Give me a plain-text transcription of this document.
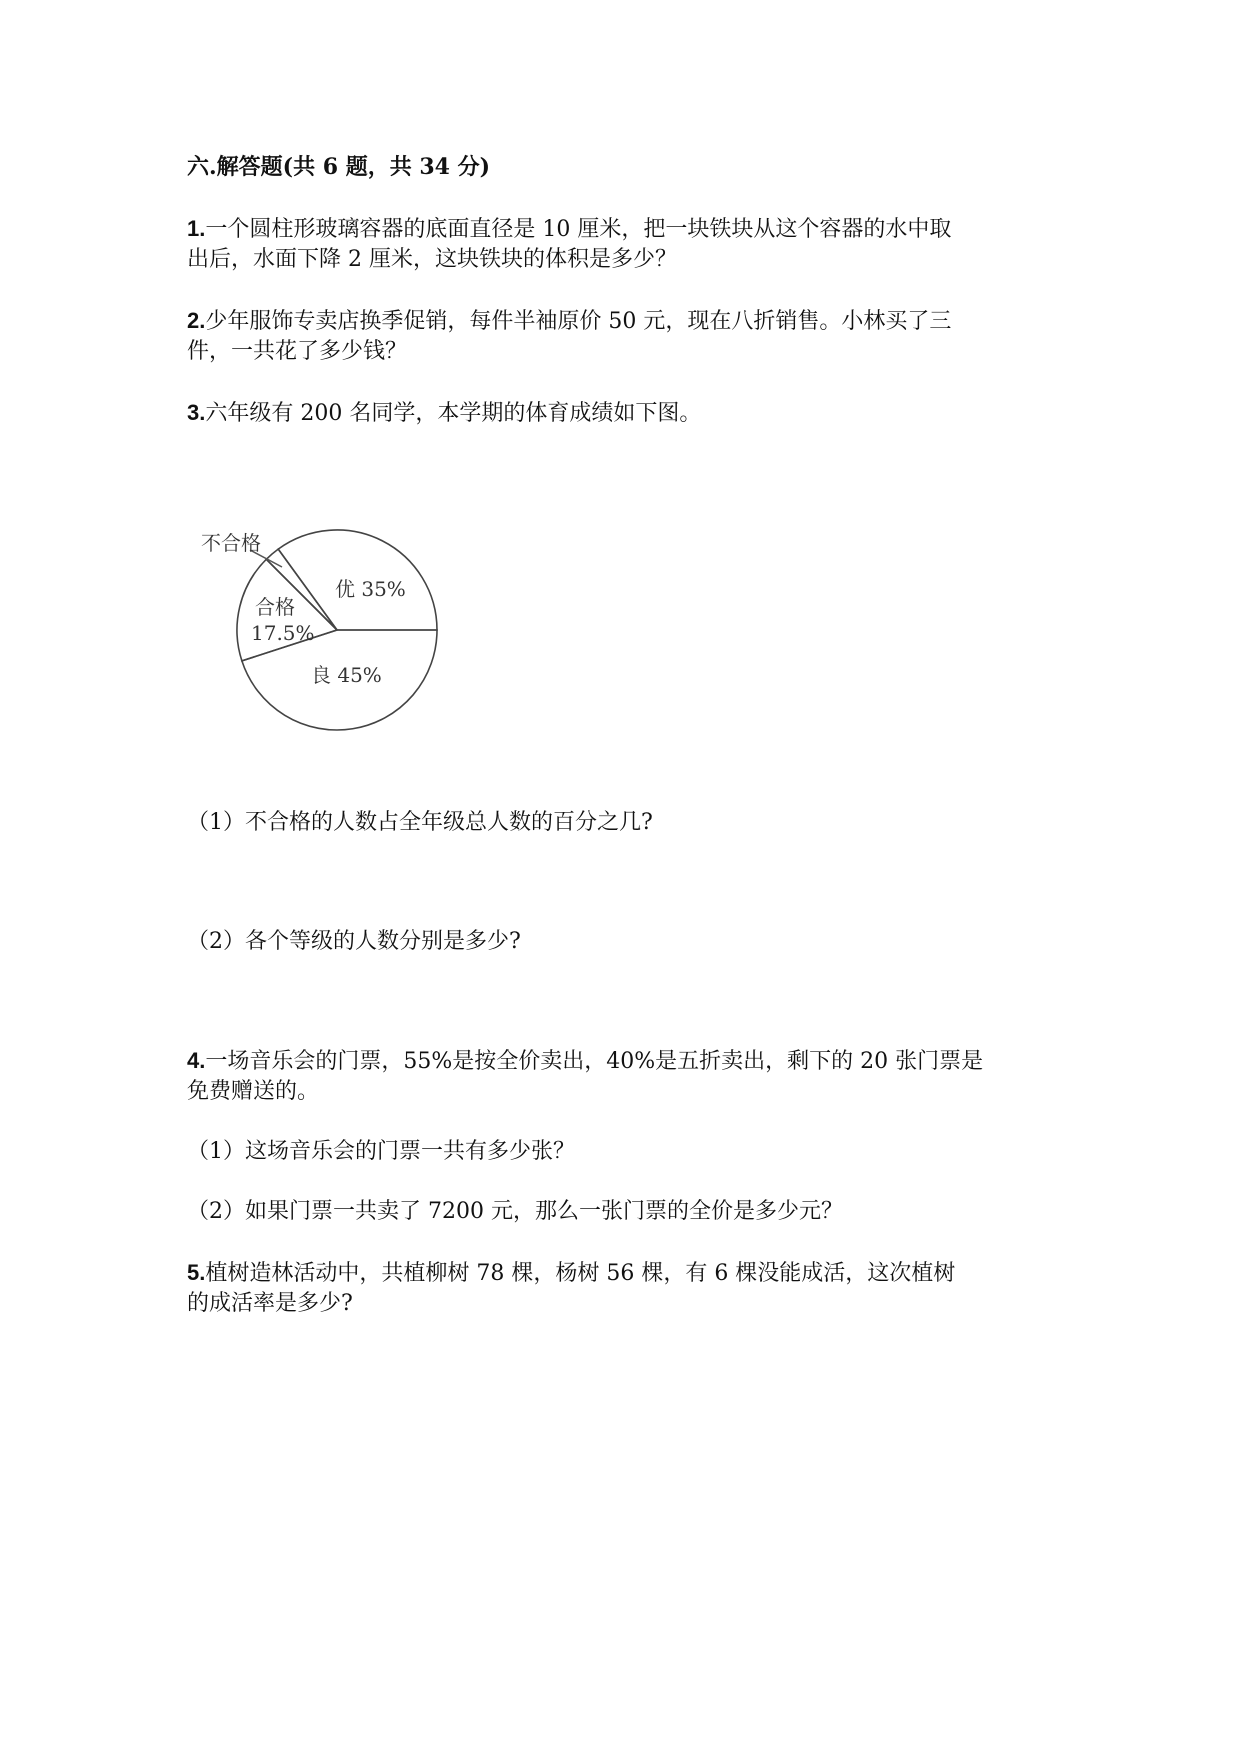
六.解答题(共 6 题，共 34 分)
1.一个圆柱形玻璃容器的底面直径是 10 厘米，把一块铁块从这个容器的水中取
出后，水面下降 2 厘米，这块铁块的体积是多少？
2.少年服饰专卖店换季促销，每件半袖原价 50 元，现在八折销售。小林买了三
件，一共花了多少钱？
3.六年级有 200 名同学，本学期的体育成绩如下图。
不合格
优 35%
合格
17.5%
良 45%
（1）不合格的人数占全年级总人数的百分之几?
（2）各个等级的人数分别是多少?
4.一场音乐会的门票，55%是按全价卖出，40%是五折卖出，剩下的 20 张门票是
免费赠送的。
（1）这场音乐会的门票一共有多少张？
（2）如果门票一共卖了 7200 元，那么一张门票的全价是多少元？
5.植树造林活动中，共植柳树 78 棵，杨树 56 棵，有 6 棵没能成活，这次植树
的成活率是多少?
